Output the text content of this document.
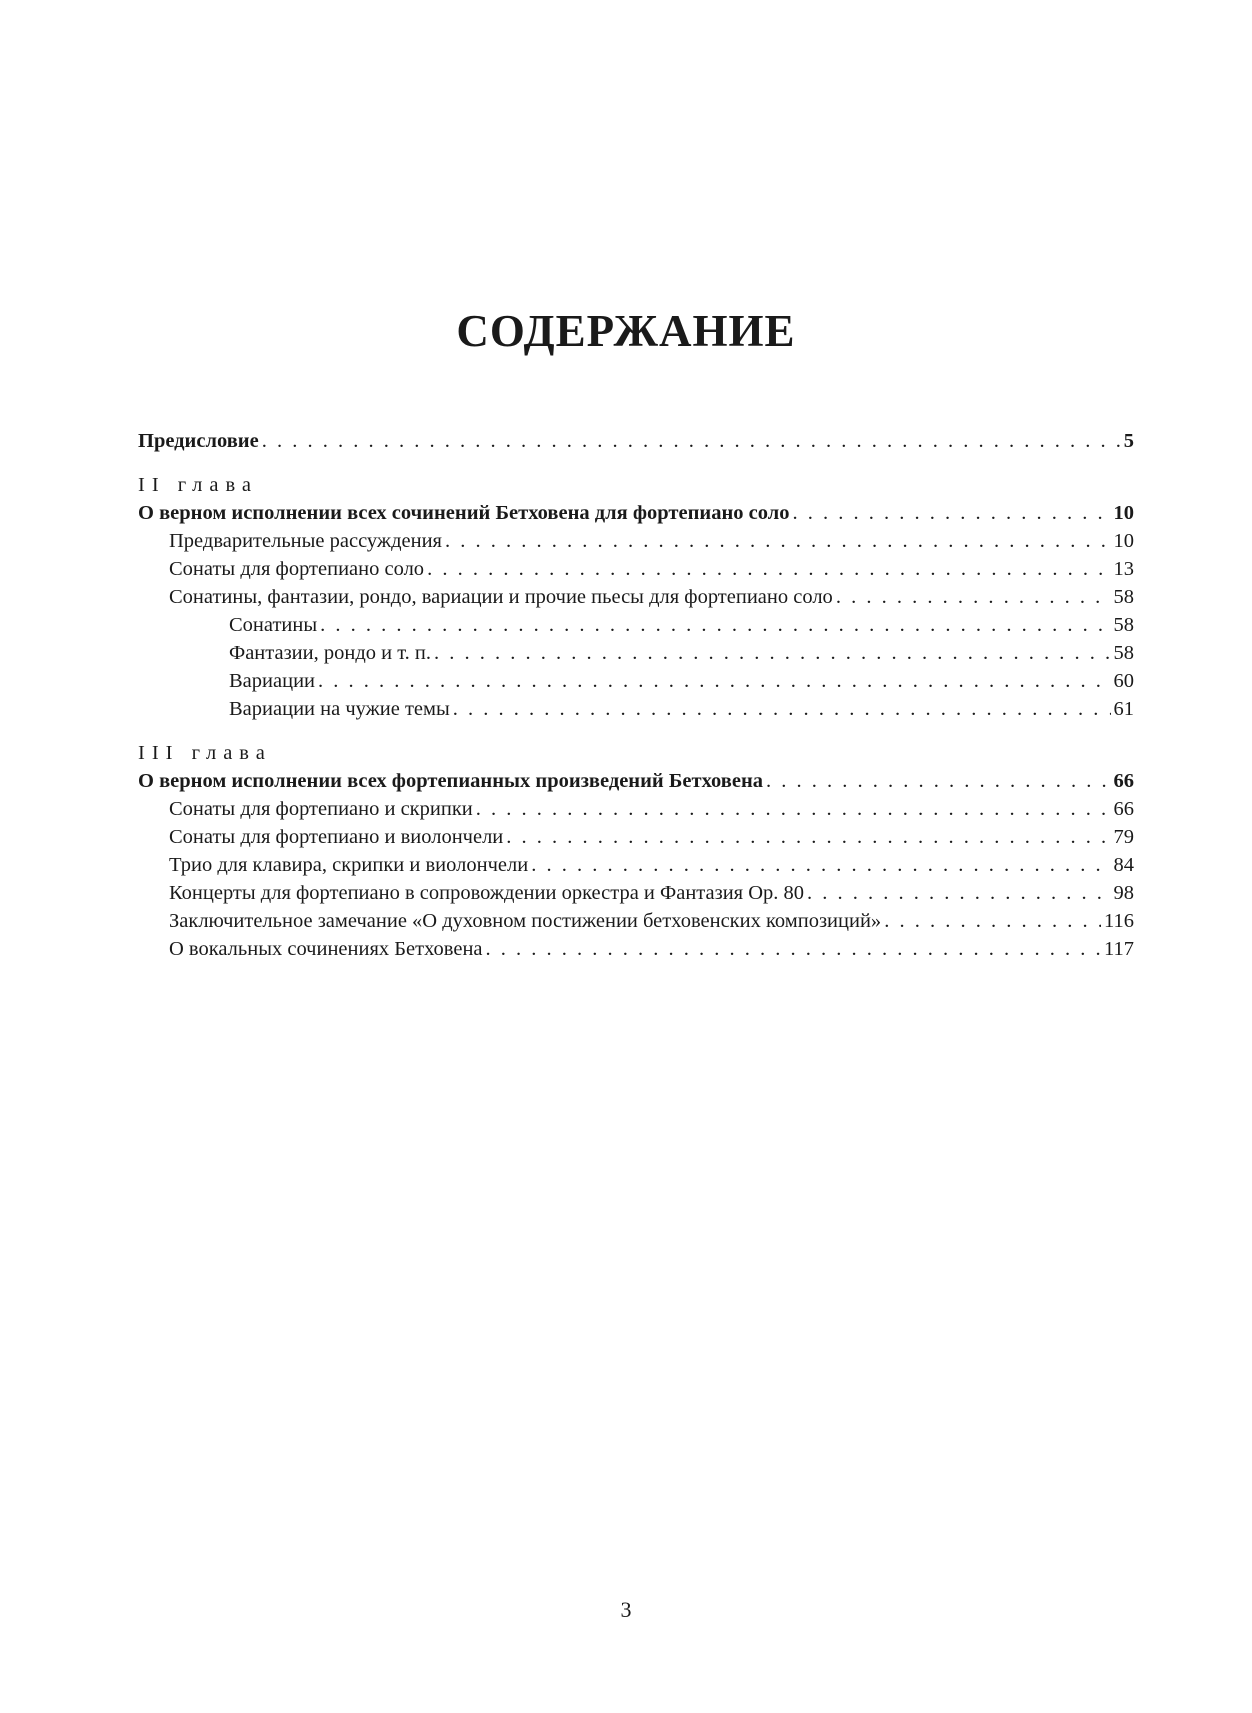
СОДЕРЖАНИЕ
Предисловие . . .	5
II глава
О верном исполнении всех сочинений Бетховена для фортепиано соло . . .	10
Предварительные рассуждения . . .	10
Сонаты для фортепиано соло . . .	13
Сонатины, фантазии, рондо, вариации и прочие пьесы для фортепиано соло . . .	58
Сонатины . . .	58
Фантазии, рондо и т. п. . . .	58
Вариации . . .	60
Вариации на чужие темы . . .	61
III глава
О верном исполнении всех фортепианных произведений Бетховена . . .	66
Сонаты для фортепиано и скрипки . . .	66
Сонаты для фортепиано и виолончели . . .	79
Трио для клавира, скрипки и виолончели . . .	84
Концерты для фортепиано в сопровождении оркестра и Фантазия Op. 80 . . .	98
Заключительное замечание «О духовном постижении бетховенских композиций» . . .	116
О вокальных сочинениях Бетховена . . .	117
3
